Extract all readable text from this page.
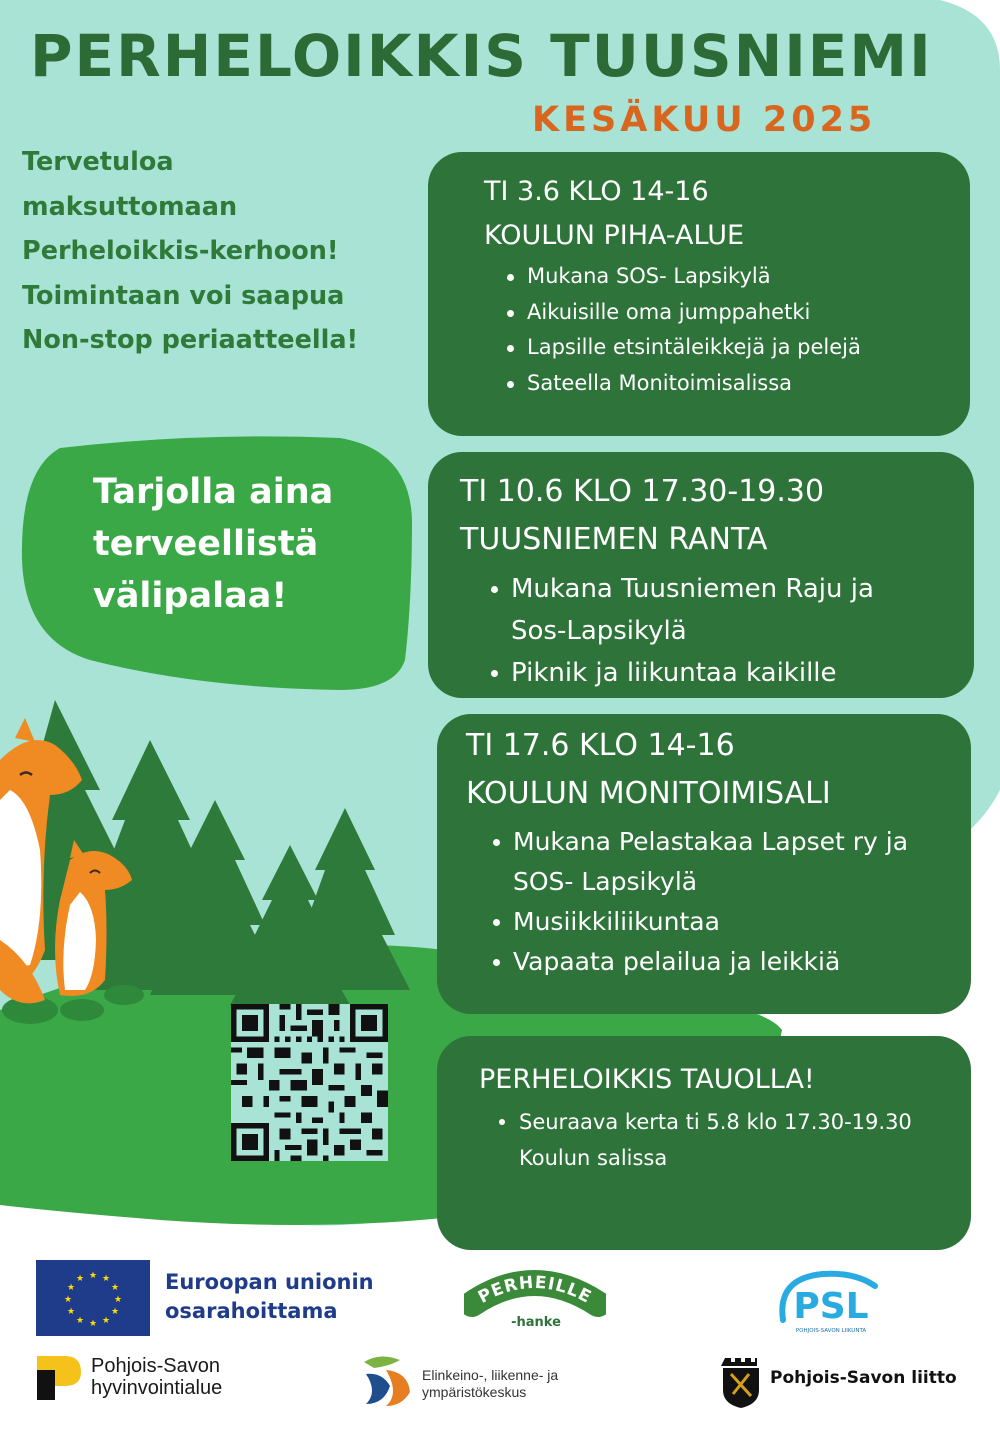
PERHELOIKKIS TUUSNIEMI
KESÄKUU 2025
Tervetuloa
maksuttomaan
Perheloikkis-kerhoon!
Toimintaan voi saapua
Non-stop periaatteella!
Tarjolla aina
terveellistä
välipalaa!
TI 3.6 KLO 14-16
KOULUN PIHA-ALUE
Mukana SOS- Lapsikylä
Aikuisille oma jumppahetki
Lapsille etsintäleikkejä ja pelejä
Sateella Monitoimisalissa
TI 10.6 KLO 17.30-19.30
TUUSNIEMEN RANTA
Mukana Tuusniemen Raju ja Sos-Lapsikylä
Piknik ja liikuntaa kaikille
TI 17.6 KLO 14-16
KOULUN MONITOIMISALI
Mukana Pelastakaa Lapset ry ja SOS- Lapsikylä
Musiikkiliikuntaa
Vapaata pelailua ja leikkiä
PERHELOIKKIS TAUOLLA!
Seuraava kerta ti 5.8 klo 17.30-19.30 Koulun salissa
★ ★
★
★
★
★
★
★
★
★
★
★	Euroopan unionin
osarahoittama
PERHEILLE
-hanke	PSL
POHJOIS-SAVON LIIKUNTA
Pohjois-Savon
hyvinvointialue
Elinkeino-, liikenne- ja
ympäristökeskus
Pohjois-Savon liitto
